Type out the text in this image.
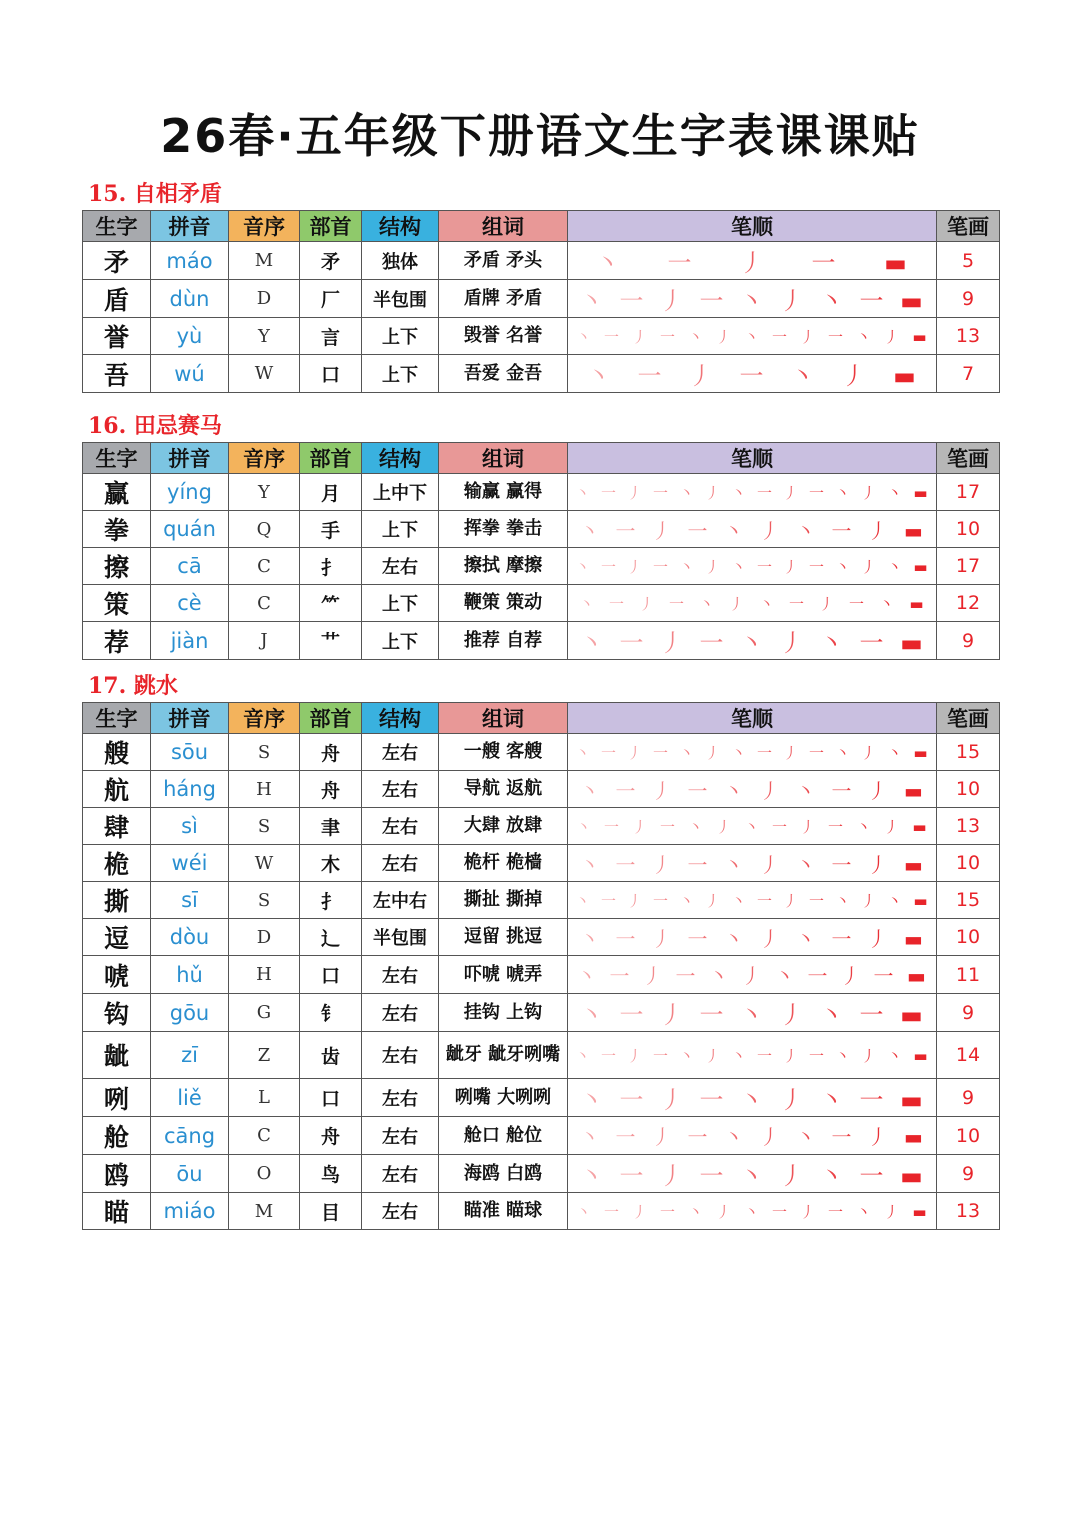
26春·五年级下册语文生字表课课贴
15. 自相矛盾
生字	拼音	音序	部首	结构	组词	笔顺	笔画
矛	máo	M	矛	独体	矛盾 矛头	丶 一 丿 一 ▬	5
盾	dùn	D	厂	半包围	盾牌 矛盾	丶 一 丿 一 丶 丿 丶 一 ▬	9
誉	yù	Y	言	上下	毁誉 名誉	丶 一 丿 一 丶 丿 丶 一 丿 一 丶 丿 ▬	13
吾	wú	W	口	上下	吾爱 金吾	丶 一 丿 一 丶 丿 ▬	7
16. 田忌赛马
生字	拼音	音序	部首	结构	组词	笔顺	笔画
赢	yíng	Y	月	上中下	输赢 赢得	丶 一 丿 一 丶 丿 丶 一 丿 一 丶 丿 丶 ▬	17
拳	quán	Q	手	上下	挥拳 拳击	丶 一 丿 一 丶 丿 丶 一 丿 ▬	10
擦	cā	C	扌	左右	擦拭 摩擦	丶 一 丿 一 丶 丿 丶 一 丿 一 丶 丿 丶 ▬	17
策	cè	C	⺮	上下	鞭策 策动	丶 一 丿 一 丶 丿 丶 一 丿 一 丶 ▬	12
荐	jiàn	J	艹	上下	推荐 自荐	丶 一 丿 一 丶 丿 丶 一 ▬	9
17. 跳水
生字	拼音	音序	部首	结构	组词	笔顺	笔画
艘	sōu	S	舟	左右	一艘 客艘	丶 一 丿 一 丶 丿 丶 一 丿 一 丶 丿 丶 ▬	15
航	háng	H	舟	左右	导航 返航	丶 一 丿 一 丶 丿 丶 一 丿 ▬	10
肆	sì	S	聿	左右	大肆 放肆	丶 一 丿 一 丶 丿 丶 一 丿 一 丶 丿 ▬	13
桅	wéi	W	木	左右	桅杆 桅樯	丶 一 丿 一 丶 丿 丶 一 丿 ▬	10
撕	sī	S	扌	左中右	撕扯 撕掉	丶 一 丿 一 丶 丿 丶 一 丿 一 丶 丿 丶 ▬	15
逗	dòu	D	辶	半包围	逗留 挑逗	丶 一 丿 一 丶 丿 丶 一 丿 ▬	10
唬	hǔ	H	口	左右	吓唬 唬弄	丶 一 丿 一 丶 丿 丶 一 丿 一 ▬	11
钩	gōu	G	钅	左右	挂钩 上钩	丶 一 丿 一 丶 丿 丶 一 ▬	9
龇	zī	Z	齿	左右	龇牙 龇牙咧嘴	丶 一 丿 一 丶 丿 丶 一 丿 一 丶 丿 丶 ▬	14
咧	liě	L	口	左右	咧嘴 大咧咧	丶 一 丿 一 丶 丿 丶 一 ▬	9
舱	cāng	C	舟	左右	舱口 舱位	丶 一 丿 一 丶 丿 丶 一 丿 ▬	10
鸥	ōu	O	鸟	左右	海鸥 白鸥	丶 一 丿 一 丶 丿 丶 一 ▬	9
瞄	miáo	M	目	左右	瞄准 瞄球	丶 一 丿 一 丶 丿 丶 一 丿 一 丶 丿 ▬	13
